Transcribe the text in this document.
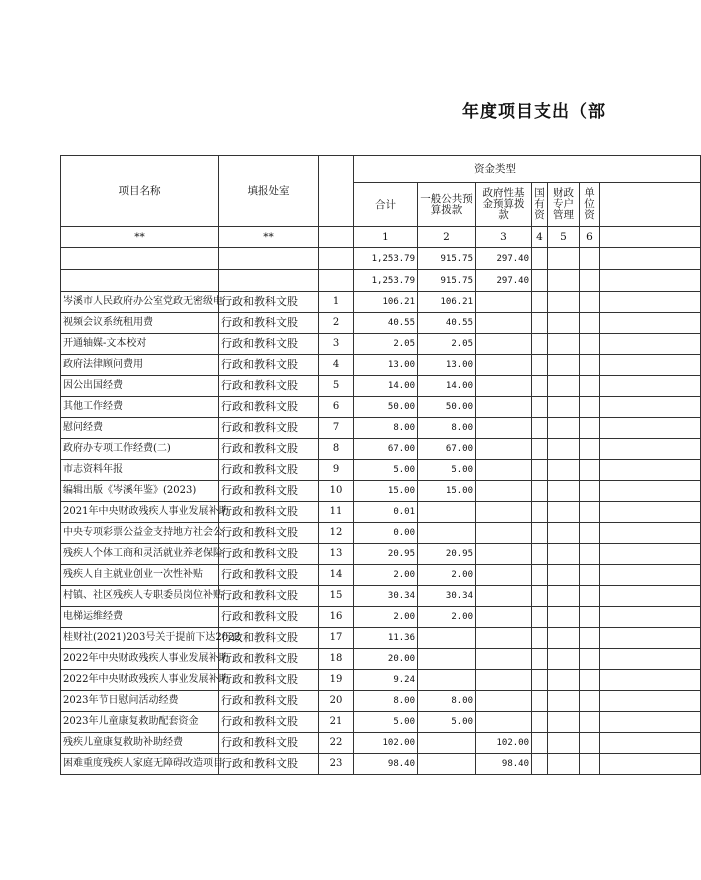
年度项目支出（部
项目名称	填报处室		资金类型						
			合计	一般公共预算拨款	政府性基金预算拨款	国有资	财政专户管理	单位资	
**	**		1	2	3	4	5	6	
			1,253.79	915.75	297.40				
			1,253.79	915.75	297.40				
岑溪市人民政府办公室党政无密级电	行政和教科文股	1	106.21	106.21					
视频会议系统租用费	行政和教科文股	2	40.55	40.55					
开通轴媒-文本校对	行政和教科文股	3	2.05	2.05					
政府法律顾问费用	行政和教科文股	4	13.00	13.00					
因公出国经费	行政和教科文股	5	14.00	14.00					
其他工作经费	行政和教科文股	6	50.00	50.00					
慰问经费	行政和教科文股	7	8.00	8.00					
政府办专项工作经费(二)	行政和教科文股	8	67.00	67.00					
市志资料年报	行政和教科文股	9	5.00	5.00					
编辑出版《岑溪年鉴》(2023)	行政和教科文股	10	15.00	15.00					
2021年中央财政残疾人事业发展补助	行政和教科文股	11	0.01						
中央专项彩票公益金支持地方社会公	行政和教科文股	12	0.00						
残疾人个体工商和灵活就业养老保险	行政和教科文股	13	20.95	20.95					
残疾人自主就业创业一次性补贴	行政和教科文股	14	2.00	2.00					
村镇、社区残疾人专职委员岗位补贴	行政和教科文股	15	30.34	30.34					
电梯运维经费	行政和教科文股	16	2.00	2.00					
桂财社(2021)203号关于提前下达2022	行政和教科文股	17	11.36						
2022年中央财政残疾人事业发展补助	行政和教科文股	18	20.00						
2022年中央财政残疾人事业发展补助	行政和教科文股	19	9.24						
2023年节日慰问活动经费	行政和教科文股	20	8.00	8.00					
2023年儿童康复救助配套资金	行政和教科文股	21	5.00	5.00					
残疾儿童康复救助补助经费	行政和教科文股	22	102.00		102.00				
困难重度残疾人家庭无障碍改造项目	行政和教科文股	23	98.40		98.40				
